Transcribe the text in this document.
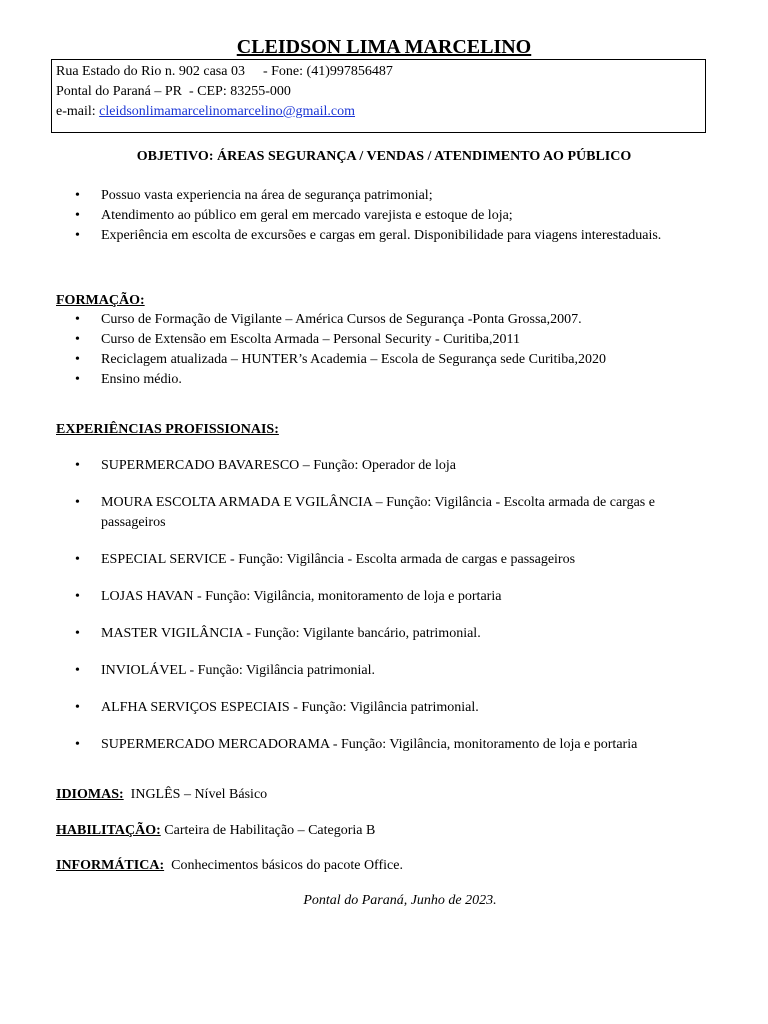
CLEIDSON LIMA MARCELINO
Rua Estado do Rio n. 902 casa 03 - Fone: (41)997856487
Pontal do Paraná – PR  - CEP: 83255-000
e-mail: cleidsonlimamarcelinomarcelino@gmail.com
OBJETIVO: ÁREAS SEGURANÇA / VENDAS / ATENDIMENTO AO PÚBLICO
• Possuo vasta experiencia na área de segurança patrimonial;
• Atendimento ao público em geral em mercado varejista e estoque de loja;
• Experiência em escolta de excursões e cargas em geral. Disponibilidade para viagens interestaduais.
FORMAÇÃO:
• Curso de Formação de Vigilante – América Cursos de Segurança -Ponta Grossa,2007.
• Curso de Extensão em Escolta Armada – Personal Security - Curitiba,2011
• Reciclagem atualizada – HUNTER’s Academia – Escola de Segurança sede Curitiba,2020
• Ensino médio.
EXPERIÊNCIAS PROFISSIONAIS:
• SUPERMERCADO BAVARESCO – Função: Operador de loja
• MOURA ESCOLTA ARMADA E VGILÂNCIA – Função: Vigilância - Escolta armada de cargas e passageiros
• ESPECIAL SERVICE - Função: Vigilância - Escolta armada de cargas e passageiros
• LOJAS HAVAN - Função: Vigilância, monitoramento de loja e portaria
• MASTER VIGILÂNCIA - Função: Vigilante bancário, patrimonial.
• INVIOLÁVEL - Função: Vigilância patrimonial.
• ALFHA SERVIÇOS ESPECIAIS - Função: Vigilância patrimonial.
• SUPERMERCADO MERCADORAMA - Função: Vigilância, monitoramento de loja e portaria
IDIOMAS:  INGLÊS – Nível Básico
HABILITAÇÃO: Carteira de Habilitação – Categoria B
INFORMÁTICA:  Conhecimentos básicos do pacote Office.
Pontal do Paraná, Junho de 2023.
